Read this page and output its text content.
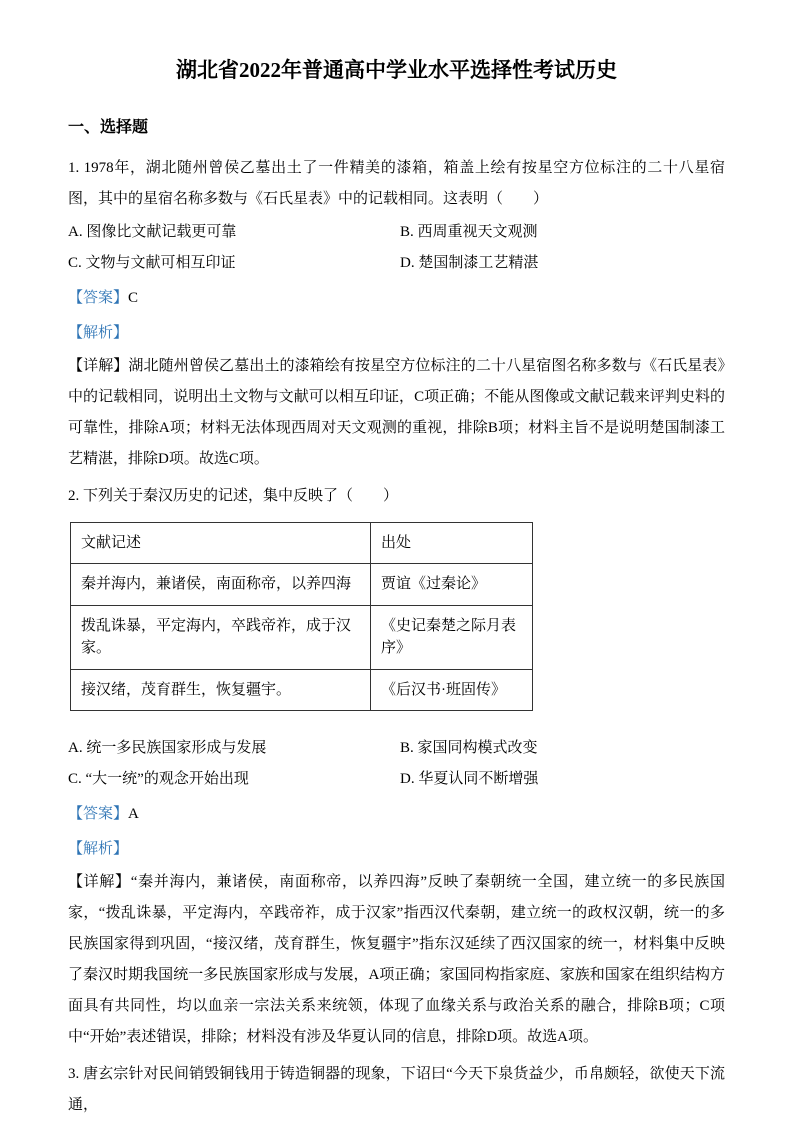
湖北省2022年普通高中学业水平选择性考试历史
一、选择题

1. 1978年，湖北随州曾侯乙墓出土了一件精美的漆箱，箱盖上绘有按星空方位标注的二十八星宿图，其中的星宿名称多数与《石氏星表》中的记载相同。这表明（　　）

A. 图像比文献记载更可靠	B. 西周重视天文观测
C. 文物与文献可相互印证	D. 楚国制漆工艺精湛

【答案】C

【解析】

【详解】湖北随州曾侯乙墓出土的漆箱绘有按星空方位标注的二十八星宿图名称多数与《石氏星表》中的记载相同，说明出土文物与文献可以相互印证，C项正确；不能从图像或文献记载来评判史料的可靠性，排除A项；材料无法体现西周对天文观测的重视，排除B项；材料主旨不是说明楚国制漆工艺精湛，排除D项。故选C项。

2. 下列关于秦汉历史的记述，集中反映了（　　）

文献记述	出处
秦并海内，兼诸侯，南面称帝，以养四海	贾谊《过秦论》
拨乱诛暴，平定海内，卒践帝祚，成于汉家。	《史记秦楚之际月表序》
接汉绪，茂育群生，恢复疆宇。	《后汉书·班固传》
A. 统一多民族国家形成与发展	B. 家国同构模式改变
C. “大一统”的观念开始出现	D. 华夏认同不断增强

【答案】A

【解析】

【详解】“秦并海内，兼诸侯，南面称帝，以养四海”反映了秦朝统一全国，建立统一的多民族国家，“拨乱诛暴，平定海内，卒践帝祚，成于汉家”指西汉代秦朝，建立统一的政权汉朝，统一的多民族国家得到巩固，“接汉绪，茂育群生，恢复疆宇”指东汉延续了西汉国家的统一，材料集中反映了秦汉时期我国统一多民族国家形成与发展，A项正确；家国同构指家庭、家族和国家在组织结构方面具有共同性，均以血亲一宗法关系来统领，体现了血缘关系与政治关系的融合，排除B项；C项中“开始”表述错误，排除；材料没有涉及华夏认同的信息，排除D项。故选A项。

3. 唐玄宗针对民间销毁铜钱用于铸造铜器的现象，下诏曰“今天下泉货益少，币帛颇轻，欲使天下流通，
